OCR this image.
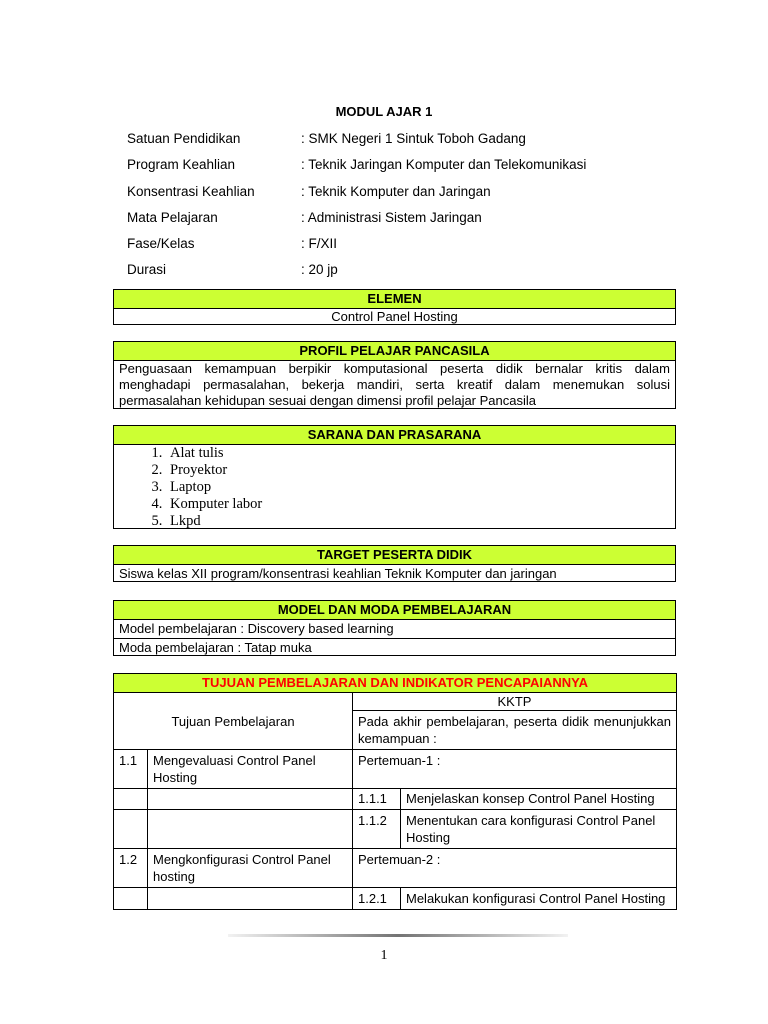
MODUL AJAR 1
Satuan Pendidikan	: SMK Negeri 1 Sintuk Toboh Gadang
Program Keahlian	: Teknik Jaringan Komputer dan Telekomunikasi
Konsentrasi Keahlian	: Teknik Komputer dan Jaringan
Mata Pelajaran	: Administrasi Sistem Jaringan
Fase/Kelas	: F/XII
Durasi	: 20 jp
ELEMEN
Control Panel Hosting
PROFIL PELAJAR PANCASILA
Penguasaan kemampuan berpikir komputasional peserta didik bernalar kritis dalam menghadapi permasalahan, bekerja mandiri, serta kreatif dalam menemukan solusi permasalahan kehidupan sesuai dengan dimensi profil pelajar Pancasila
SARANA DAN PRASARANA
1. Alat tulis
2. Proyektor
3. Laptop
4. Komputer labor
5. Lkpd
TARGET PESERTA DIDIK
Siswa kelas XII program/konsentrasi keahlian Teknik Komputer dan jaringan
MODEL DAN MODA PEMBELAJARAN
Model pembelajaran : Discovery based learning
Moda pembelajaran : Tatap muka
TUJUAN PEMBELAJARAN DAN INDIKATOR PENCAPAIANNYA			
Tujuan Pembelajaran		KKTP	
		Pada akhir pembelajaran, peserta didik menunjukkan kemampuan :	
1.1	Mengevaluasi Control Panel Hosting	Pertemuan-1 :	
		1.1.1	Menjelaskan konsep Control Panel Hosting
		1.1.2	Menentukan cara konfigurasi Control Panel Hosting
1.2	Mengkonfigurasi Control Panel hosting	Pertemuan-2 :	
		1.2.1	Melakukan konfigurasi Control Panel Hosting
1
